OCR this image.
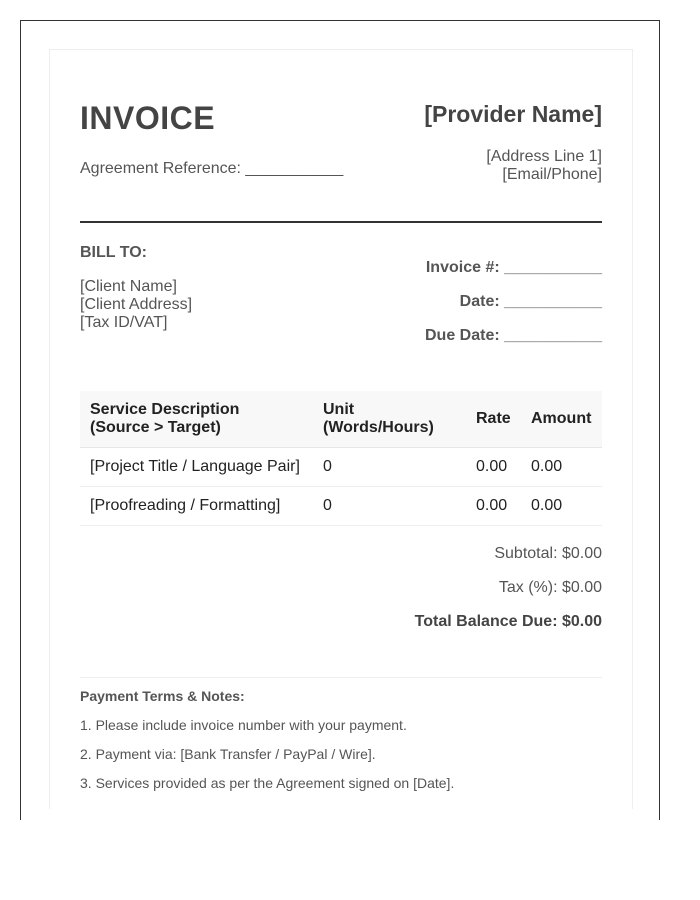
INVOICE
Agreement Reference: ___________
[Provider Name]
[Address Line 1]
[Email/Phone]
BILL TO:
[Client Name]
[Client Address]
[Tax ID/VAT]
Invoice #: ___________
Date: ___________
Due Date: ___________
Service Description (Source > Target)	Unit (Words/Hours)	Rate	Amount
[Project Title / Language Pair]	0	0.00	0.00
[Proofreading / Formatting]	0	0.00	0.00
Subtotal: $0.00
Tax (%): $0.00
Total Balance Due: $0.00
Payment Terms & Notes:
1. Please include invoice number with your payment.
2. Payment via: [Bank Transfer / PayPal / Wire].
3. Services provided as per the Agreement signed on [Date].
